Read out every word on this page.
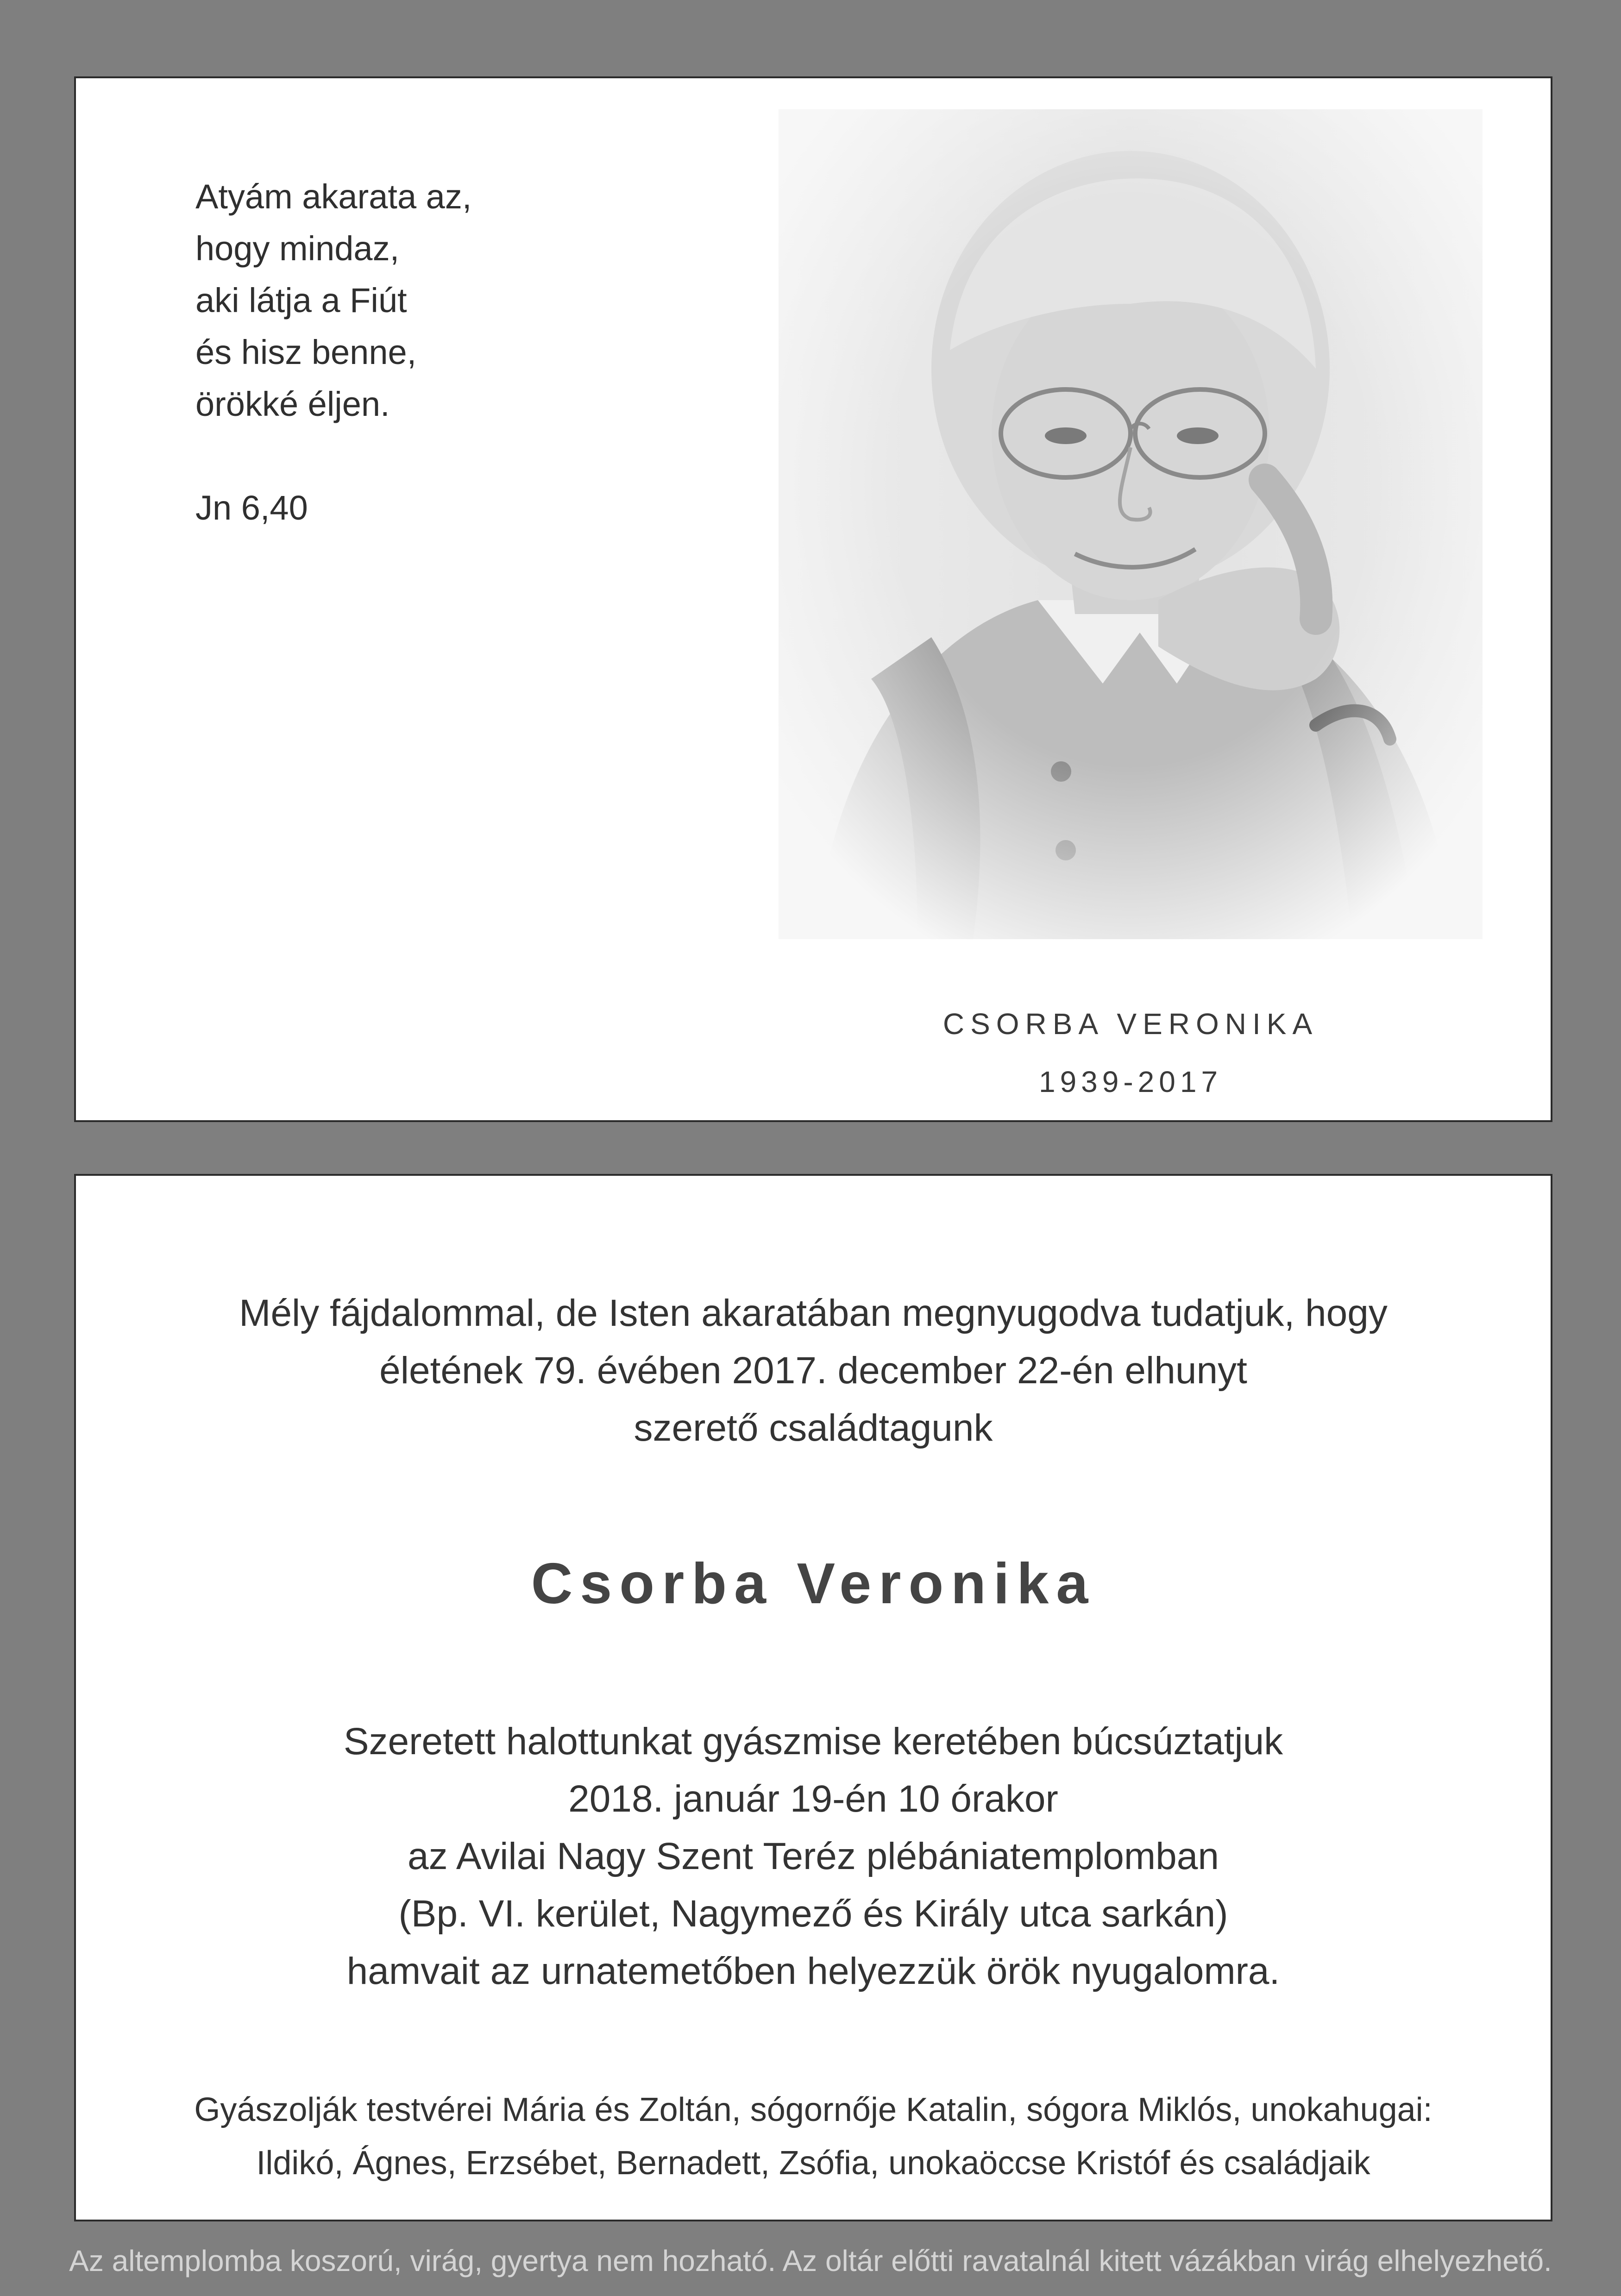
Atyám akarata az,
hogy mindaz,
aki látja a Fiút
és hisz benne,
örökké éljen.
Jn 6,40
CSORBA VERONIKA
1939-2017
Mély fájdalommal, de Isten akaratában megnyugodva tudatjuk, hogy
életének 79. évében 2017. december 22-én elhunyt
szerető családtagunk
Csorba Veronika
Szeretett halottunkat gyászmise keretében búcsúztatjuk
2018. január 19-én 10 órakor
az Avilai Nagy Szent Teréz plébániatemplomban
(Bp. VI. kerület, Nagymező és Király utca sarkán)
hamvait az urnatemetőben helyezzük örök nyugalomra.
Gyászolják testvérei Mária és Zoltán, sógornője Katalin, sógora Miklós, unokahugai:
Ildikó, Ágnes, Erzsébet, Bernadett, Zsófia, unokaöccse Kristóf és családjaik
Az altemplomba koszorú, virág, gyertya nem hozható. Az oltár előtti ravatalnál kitett vázákban virág elhelyezhető.
